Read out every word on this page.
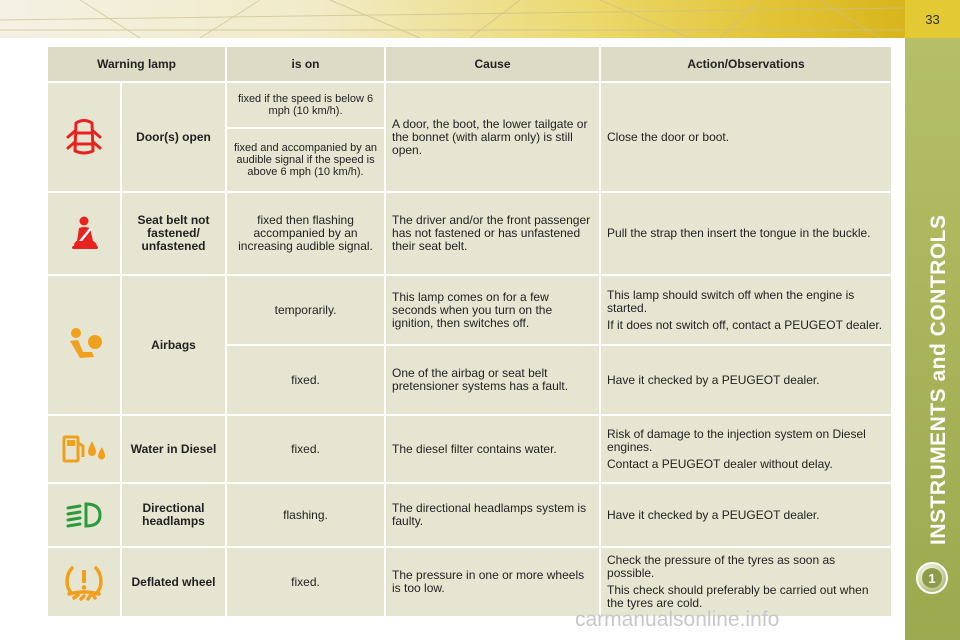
33
INSTRUMENTS and CONTROLS
1
Warning lamp		is on	Cause	Action/Observations
	Door(s) open	fixed if the speed is below 6 mph (10 km/h).	A door, the boot, the lower tailgate or the bonnet (with alarm only) is still open.	Close the door or boot.
		fixed and accompanied by an audible signal if the speed is above 6 mph (10 km/h).		
	Seat belt not fastened/ unfastened	fixed then flashing accompanied by an increasing audible signal.	The driver and/or the front passenger has not fastened or has unfastened their seat belt.	Pull the strap then insert the tongue in the buckle.
	Airbags	temporarily.	This lamp comes on for a few seconds when you turn on the ignition, then switches off.	This lamp should switch off when the engine is started.

If it does not switch off, contact a PEUGEOT dealer.

		fixed.	One of the airbag or seat belt pretensioner systems has a fault.	Have it checked by a PEUGEOT dealer.
	Water in Diesel	fixed.	The diesel filter contains water.	Risk of damage to the injection system on Diesel engines.

Contact a PEUGEOT dealer without delay.

	Directional headlamps	flashing.	The directional headlamps system is faulty.	Have it checked by a PEUGEOT dealer.
	Deflated wheel	fixed.	The pressure in one or more wheels is too low.	Check the pressure of the tyres as soon as possible.

This check should preferably be carried out when the tyres are cold.

carmanualsonline.info
